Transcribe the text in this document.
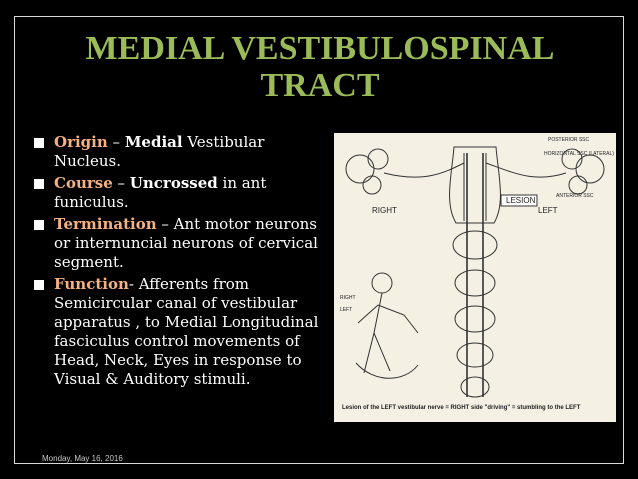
MEDIAL VESTIBULOSPINAL
TRACT
Origin – Medial Vestibular Nucleus.
Course – Uncrossed in ant funiculus.
Termination – Ant motor neurons or internuncial neurons of cervical segment.
Function- Afferents from Semicircular canal of vestibular apparatus , to Medial Longitudinal fasciculus control movements of Head, Neck, Eyes in response to Visual & Auditory stimuli.
LESION
RIGHT	LEFT
POSTERIOR SSC
HORIZONTAL SSC (LATERAL)
ANTERIOR SSC
RIGHT
LEFT
Lesion of the LEFT vestibular nerve = RIGHT side "driving" = stumbling to the LEFT
Monday, May 16, 2016
